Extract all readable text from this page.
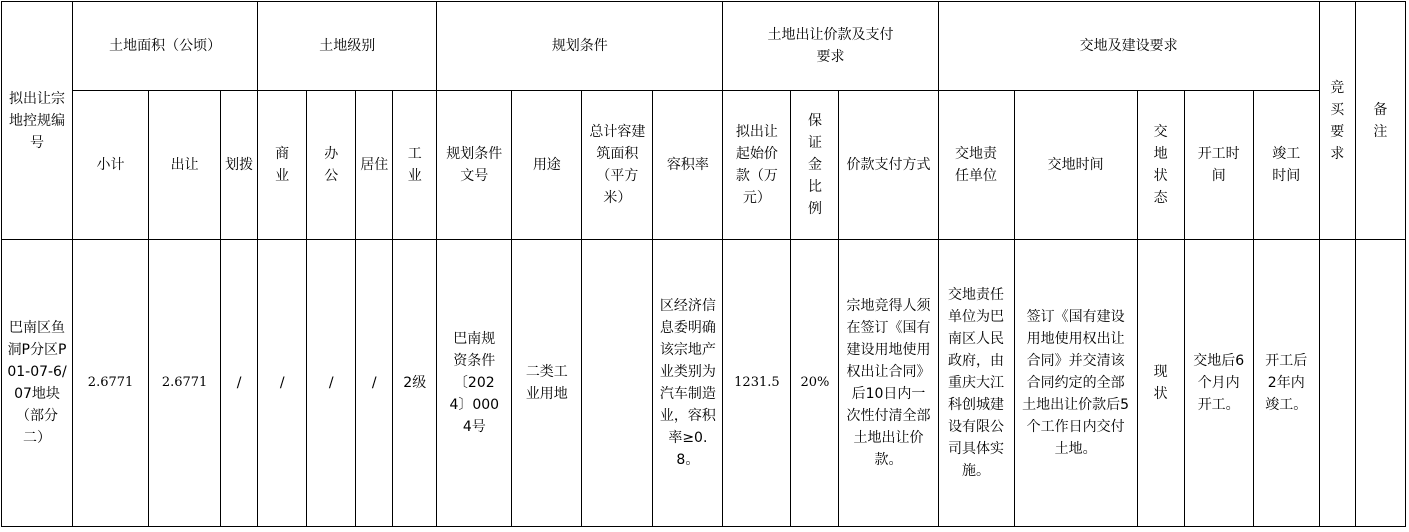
拟出让宗地控规编号	土地面积（公顷）			土地级别				规划条件				土地出让价款及支付要求			交地及建设要求					竞买要求	备注
	小计	出让	划拨	商业	办公	居住	工业	规划条件文号	用途	总计容建筑面积（平方米）	容积率	拟出让起始价款（万元）	保证金比例	价款支付方式	交地责任单位	交地时间	交地状态	开工时间	竣工时间		
巴南区鱼洞P分区P01-07-6/07地块（部分二）	2.6771	2.6771	/	/	/	/	2级	巴南规资条件〔2024〕0004号	二类工业用地		区经济信息委明确该宗地产业类别为汽车制造业，容积率≥0.8。	1231.5	20%	宗地竞得人须在签订《国有建设用地使用权出让合同》后10日内一次性付清全部土地出让价款。	交地责任单位为巴南区人民政府，由重庆大江科创城建设有限公司具体实施。	签订《国有建设用地使用权出让合同》并交清该合同约定的全部土地出让价款后5个工作日内交付土地。	现状	交地后6个月内开工。	开工后2年内竣工。		
